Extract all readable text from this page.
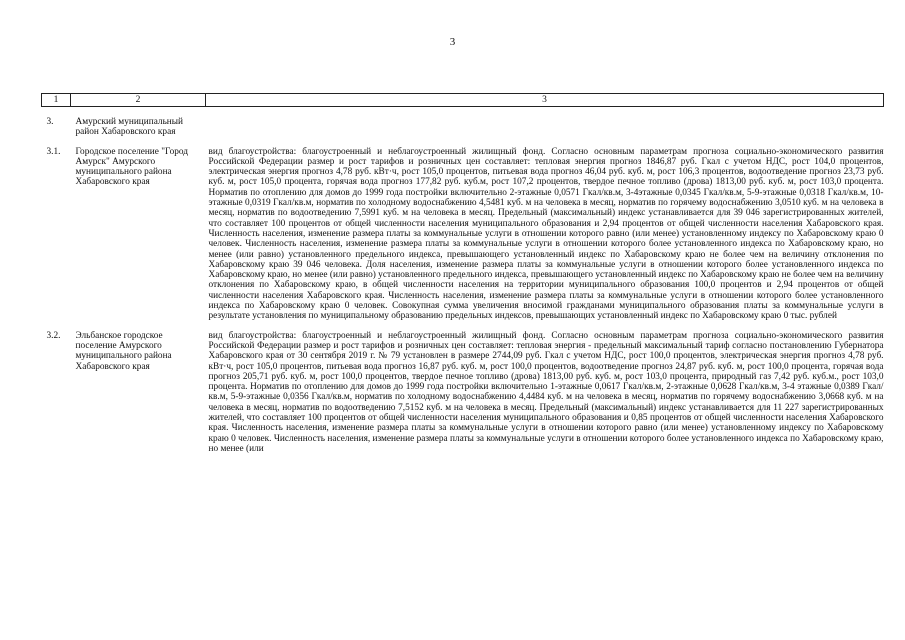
3
1	2	3
3.	Амурский муниципальный район Хабаровского края	
3.1.	Городское поселение "Город Амурск" Амурского муниципального района Хабаровского края	вид благоустройства: благоустроенный и неблагоустроенный жилищный фонд. Согласно основным параметрам прогноза социально-экономического развития Российской Федерации размер и рост тарифов и розничных цен составляет: тепловая энергия прогноз 1846,87 руб. Гкал с учетом НДС, рост 104,0 процентов, электрическая энергия прогноз 4,78 руб. кВт·ч, рост 105,0 процентов, питьевая вода прогноз 46,04 руб. куб. м, рост 106,3 процентов, водоотведение прогноз 23,73 руб. куб. м, рост 105,0 процента, горячая вода прогноз 177,82 руб. куб.м, рост 107,2 процентов, твердое печное топливо (дрова) 1813,00 руб. куб. м, рост 103,0 процента. Норматив по отоплению для домов до 1999 года постройки включительно 2-этажные 0,0571 Гкал/кв.м, 3-4этажные 0,0345 Гкал/кв.м, 5-9-этажные 0,0318 Гкал/кв.м, 10-этажные 0,0319 Гкал/кв.м, норматив по холодному водоснабжению 4,5481 куб. м на человека в месяц, норматив по горячему водоснабжению 3,0510 куб. м на человека в месяц, норматив по водоотведению 7,5991 куб. м на человека в месяц. Предельный (максимальный) индекс устанавливается для 39 046 зарегистрированных жителей, что составляет 100 процентов от общей численности населения муниципального образования и 2,94 процентов от общей численности населения Хабаровского края. Численность населения, изменение размера платы за коммунальные услуги в отношении которого равно (или менее) установленному индексу по Хабаровскому краю 0 человек. Численность населения, изменение размера платы за коммунальные услуги в отношении которого более установленного индекса по Хабаровскому краю, но менее (или равно) установленного предельного индекса, превышающего установленный индекс по Хабаровскому краю не более чем на величину отклонения по Хабаровскому краю 39 046 человека. Доля населения, изменение размера платы за коммунальные услуги в отношении которого более установленного индекса по Хабаровскому краю, но менее (или равно) установленного предельного индекса, превышающего установленный индекс по Хабаровскому краю не более чем на величину отклонения по Хабаровскому краю, в общей численности населения на территории муниципального образования 100,0 процентов и 2,94 процентов от общей численности населения Хабаровского края. Численность населения, изменение размера платы за коммунальные услуги в отношении которого более установленного индекса по Хабаровскому краю 0 человек. Совокупная сумма увеличения вносимой гражданами муниципального образования платы за коммунальные услуги в результате установления по муниципальному образованию предельных индексов, превышающих установленный индекс по Хабаровскому краю 0 тыс. рублей
3.2.	Эльбанское городское поселение Амурского муниципального района Хабаровского края	вид благоустройства: благоустроенный и неблагоустроенный жилищный фонд. Согласно основным параметрам прогноза социально-экономического развития Российской Федерации размер и рост тарифов и розничных цен составляет: тепловая энергия - предельный максимальный тариф согласно постановлению Губернатора Хабаровского края от 30 сентября 2019 г. № 79 установлен в размере 2744,09 руб. Гкал с учетом НДС, рост 100,0 процентов, электрическая энергия прогноз 4,78 руб. кВт·ч, рост 105,0 процентов, питьевая вода прогноз 16,87 руб. куб. м, рост 100,0 процентов, водоотведение прогноз 24,87 руб. куб. м, рост 100,0 процента, горячая вода прогноз 205,71 руб. куб. м, рост 100,0 процентов, твердое печное топливо (дрова) 1813,00 руб. куб. м, рост 103,0 процента, природный газ 7,42 руб. куб.м., рост 103,0 процента. Норматив по отоплению для домов до 1999 года постройки включительно 1-этажные 0,0617 Гкал/кв.м, 2-этажные 0,0628 Гкал/кв.м, 3-4 этажные 0,0389 Гкал/кв.м, 5-9-этажные 0,0356 Гкал/кв.м, норматив по холодному водоснабжению 4,4484 куб. м на человека в месяц, норматив по горячему водоснабжению 3,0668 куб. м на человека в месяц, норматив по водоотведению 7,5152 куб. м на человека в месяц. Предельный (максимальный) индекс устанавливается для 11 227 зарегистрированных жителей, что составляет 100 процентов от общей численности населения муниципального образования и 0,85 процентов от общей численности населения Хабаровского края. Численность населения, изменение размера платы за коммунальные услуги в отношении которого равно (или менее) установленному индексу по Хабаровскому краю 0 человек. Численность населения, изменение размера платы за коммунальные услуги в отношении которого более установленного индекса по Хабаровскому краю, но менее (или
